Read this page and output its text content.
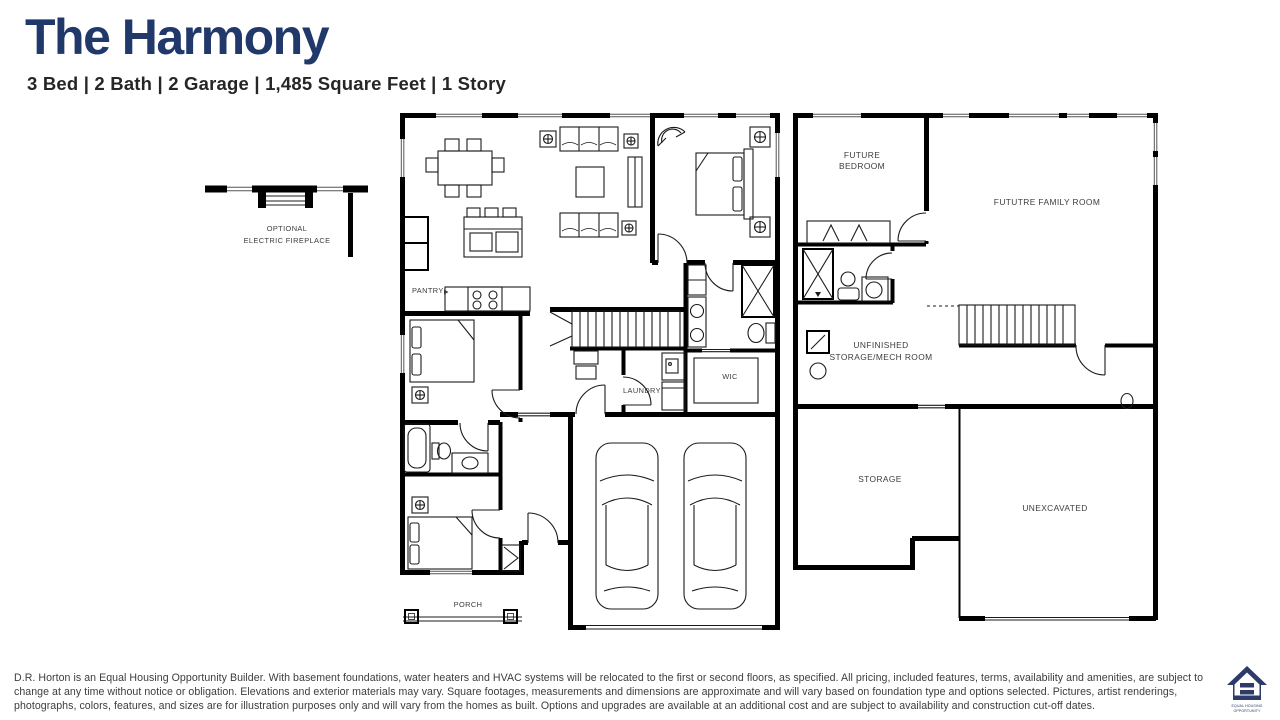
The Harmony
3 Bed | 2 Bath | 2 Garage | 1,485 Square Feet | 1 Story
OPTIONAL
ELECTRIC FIREPLACE
PANTRY
LAUNDRY
WIC
PORCH
FUTURE
BEDROOM
FUTUTRE FAMILY ROOM
UNFINISHED
STORAGE/MECH ROOM
STORAGE
UNEXCAVATED
D.R. Horton is an Equal Housing Opportunity Builder. With basement foundations, water heaters and HVAC systems will be relocated to the first or second floors, as specified. All pricing, included features, terms, availability and amenities, are subject to change at any time without notice or obligation. Elevations and exterior materials may vary. Square footages, measurements and dimensions are approximate and will vary based on foundation type and options selected. Pictures, artist renderings, photographs, colors, features, and sizes are for illustration purposes only and will vary from the homes as built. Options and upgrades are available at an additional cost and are subject to availability and construction cut-off dates.	EQUAL HOUSING
OPPORTUNITY
